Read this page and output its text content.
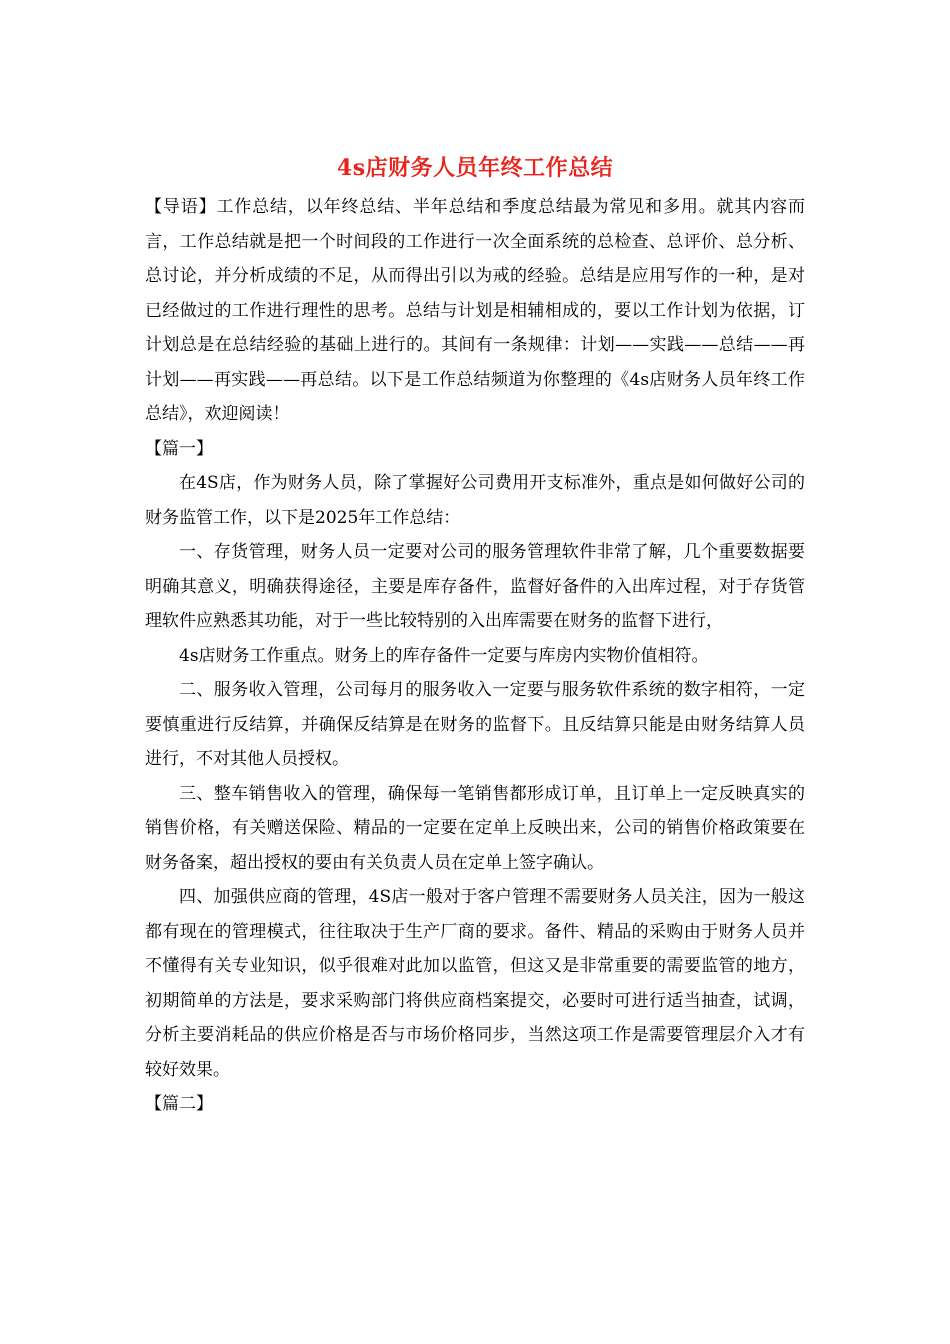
4s店财务人员年终工作总结

【导语】工作总结，以年终总结、半年总结和季度总结最为常见和多用。就其内容而言，工作总结就是把一个时间段的工作进行一次全面系统的总检查、总评价、总分析、总讨论，并分析成绩的不足，从而得出引以为戒的经验。总结是应用写作的一种，是对已经做过的工作进行理性的思考。总结与计划是相辅相成的，要以工作计划为依据，订计划总是在总结经验的基础上进行的。其间有一条规律：计划——实践——总结——再计划——再实践——再总结。以下是工作总结频道为你整理的《4s店财务人员年终工作总结》，欢迎阅读！

【篇一】

在4S店，作为财务人员，除了掌握好公司费用开支标准外，重点是如何做好公司的财务监管工作，以下是2025年工作总结：

一、存货管理，财务人员一定要对公司的服务管理软件非常了解，几个重要数据要明确其意义，明确获得途径，主要是库存备件，监督好备件的入出库过程，对于存货管理软件应熟悉其功能，对于一些比较特别的入出库需要在财务的监督下进行，

4s店财务工作重点。财务上的库存备件一定要与库房内实物价值相符。

二、服务收入管理，公司每月的服务收入一定要与服务软件系统的数字相符，一定要慎重进行反结算，并确保反结算是在财务的监督下。且反结算只能是由财务结算人员进行，不对其他人员授权。

三、整车销售收入的管理，确保每一笔销售都形成订单，且订单上一定反映真实的销售价格，有关赠送保险、精品的一定要在定单上反映出来，公司的销售价格政策要在财务备案，超出授权的要由有关负责人员在定单上签字确认。

四、加强供应商的管理，4S店一般对于客户管理不需要财务人员关注，因为一般这都有现在的管理模式，往往取决于生产厂商的要求。备件、精品的采购由于财务人员并不懂得有关专业知识，似乎很难对此加以监管，但这又是非常重要的需要监管的地方，初期简单的方法是，要求采购部门将供应商档案提交，必要时可进行适当抽查，试调，分析主要消耗品的供应价格是否与市场价格同步，当然这项工作是需要管理层介入才有较好效果。

【篇二】
